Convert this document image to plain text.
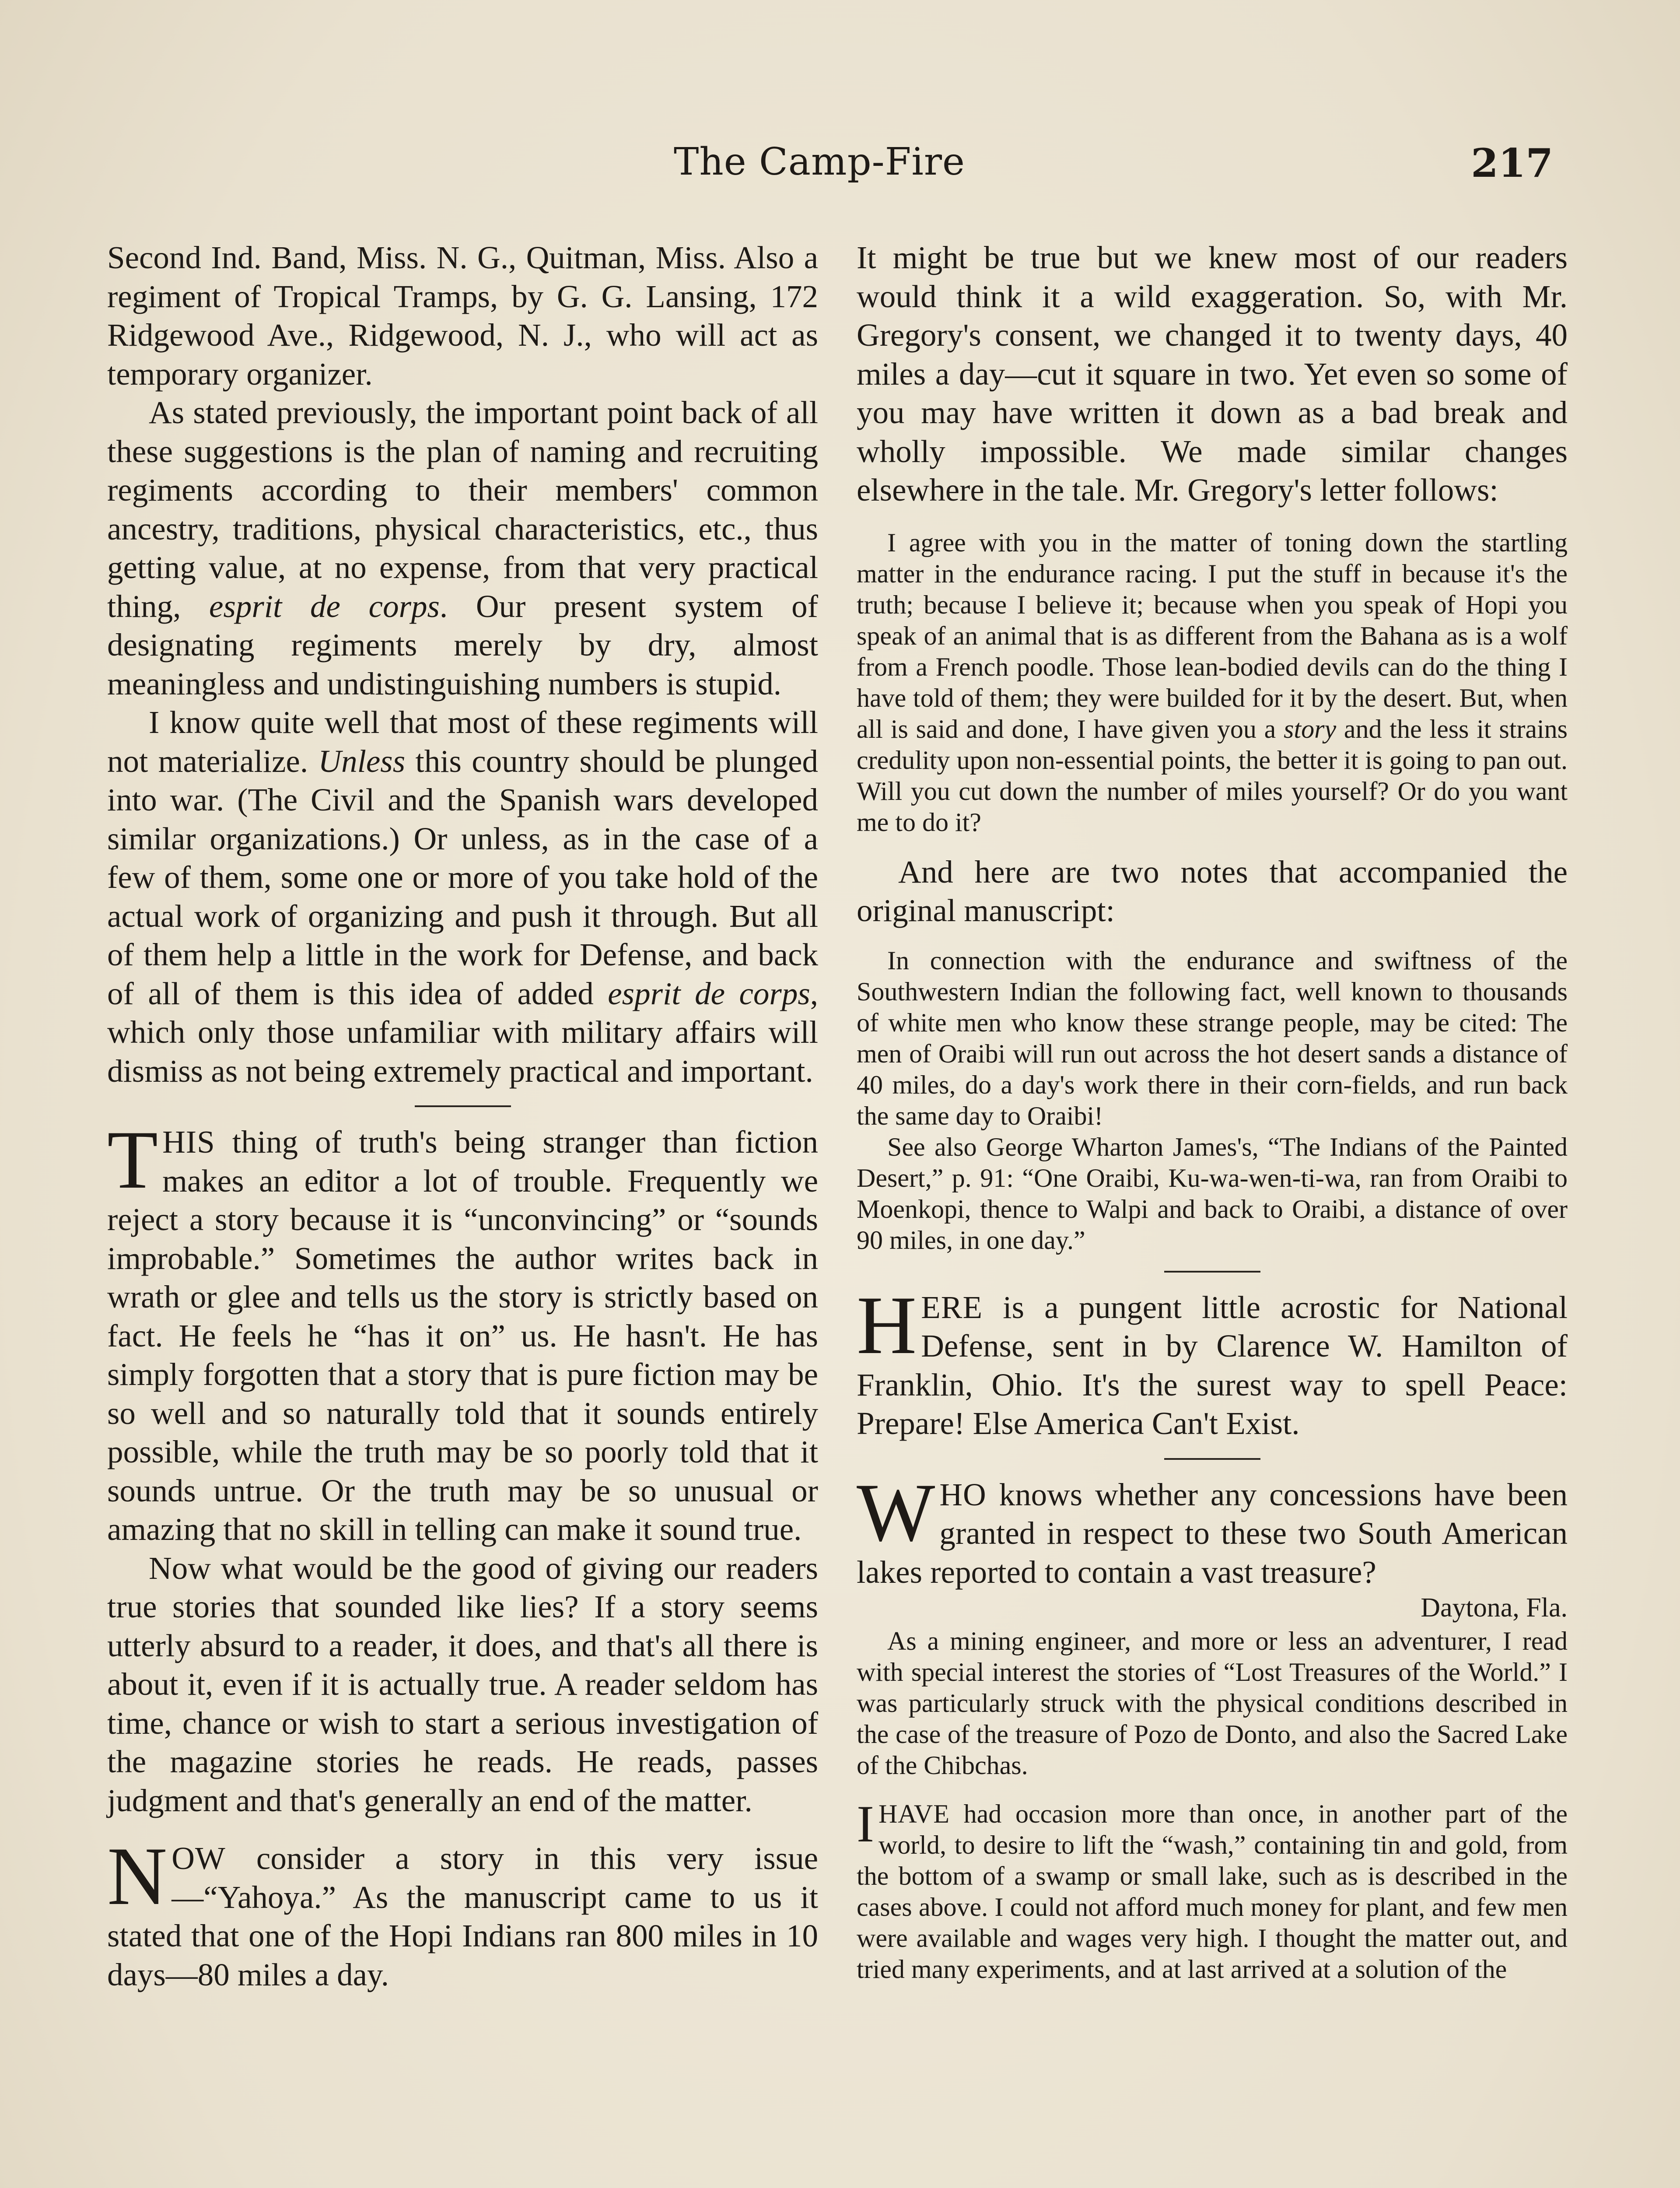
The Camp-Fire	217

Second Ind. Band, Miss. N. G., Quitman, Miss. Also a regiment of Tropical Tramps, by G. G. Lansing, 172 Ridgewood Ave., Ridgewood, N. J., who will act as temporary organizer.

As stated previously, the important point back of all these suggestions is the plan of naming and recruiting regiments according to their members' common ancestry, traditions, physical characteristics, etc., thus getting value, at no expense, from that very practical thing, esprit de corps. Our present system of designating regiments merely by dry, almost meaningless and undistinguishing numbers is stupid.

I know quite well that most of these regiments will not materialize. Unless this country should be plunged into war. (The Civil and the Spanish wars developed similar organizations.) Or unless, as in the case of a few of them, some one or more of you take hold of the actual work of organizing and push it through. But all of them help a little in the work for Defense, and back of all of them is this idea of added esprit de corps, which only those unfamiliar with military affairs will dismiss as not being extremely practical and important.

THIS thing of truth's being stranger than fiction makes an editor a lot of trouble. Frequently we reject a story because it is “unconvincing” or “sounds improbable.” Sometimes the author writes back in wrath or glee and tells us the story is strictly based on fact. He feels he “has it on” us. He hasn't. He has simply forgotten that a story that is pure fiction may be so well and so naturally told that it sounds entirely possible, while the truth may be so poorly told that it sounds untrue. Or the truth may be so unusual or amazing that no skill in telling can make it sound true.

Now what would be the good of giving our readers true stories that sounded like lies? If a story seems utterly absurd to a reader, it does, and that's all there is about it, even if it is actually true. A reader seldom has time, chance or wish to start a serious investigation of the magazine stories he reads. He reads, passes judgment and that's generally an end of the matter.

NOW consider a story in this very issue—“Yahoya.” As the manuscript came to us it stated that one of the Hopi Indians ran 800 miles in 10 days—80 miles a day.

It might be true but we knew most of our readers would think it a wild exaggeration. So, with Mr. Gregory's consent, we changed it to twenty days, 40 miles a day—cut it square in two. Yet even so some of you may have written it down as a bad break and wholly impossible. We made similar changes elsewhere in the tale. Mr. Gregory's letter follows:

I agree with you in the matter of toning down the startling matter in the endurance racing. I put the stuff in because it's the truth; because I believe it; because when you speak of Hopi you speak of an animal that is as different from the Bahana as is a wolf from a French poodle. Those lean-bodied devils can do the thing I have told of them; they were builded for it by the desert. But, when all is said and done, I have given you a story and the less it strains credulity upon non-essential points, the better it is going to pan out. Will you cut down the number of miles yourself? Or do you want me to do it?

And here are two notes that accompanied the original manuscript:

In connection with the endurance and swiftness of the Southwestern Indian the following fact, well known to thousands of white men who know these strange people, may be cited: The men of Oraibi will run out across the hot desert sands a distance of 40 miles, do a day's work there in their corn-fields, and run back the same day to Oraibi!

See also George Wharton James's, “The Indians of the Painted Desert,” p. 91: “One Oraibi, Ku-wa-wen-ti-wa, ran from Oraibi to Moenkopi, thence to Walpi and back to Oraibi, a distance of over 90 miles, in one day.”

HERE is a pungent little acrostic for National Defense, sent in by Clarence W. Hamilton of Franklin, Ohio. It's the surest way to spell Peace: Prepare! Else America Can't Exist.

WHO knows whether any concessions have been granted in respect to these two South American lakes reported to contain a vast treasure?

Daytona, Fla.

As a mining engineer, and more or less an adventurer, I read with special interest the stories of “Lost Treasures of the World.” I was particularly struck with the physical conditions described in the case of the treasure of Pozo de Donto, and also the Sacred Lake of the Chibchas.

IHAVE had occasion more than once, in another part of the world, to desire to lift the “wash,” containing tin and gold, from the bottom of a swamp or small lake, such as is described in the cases above. I could not afford much money for plant, and few men were available and wages very high. I thought the matter out, and tried many experiments, and at last arrived at a solution of the
